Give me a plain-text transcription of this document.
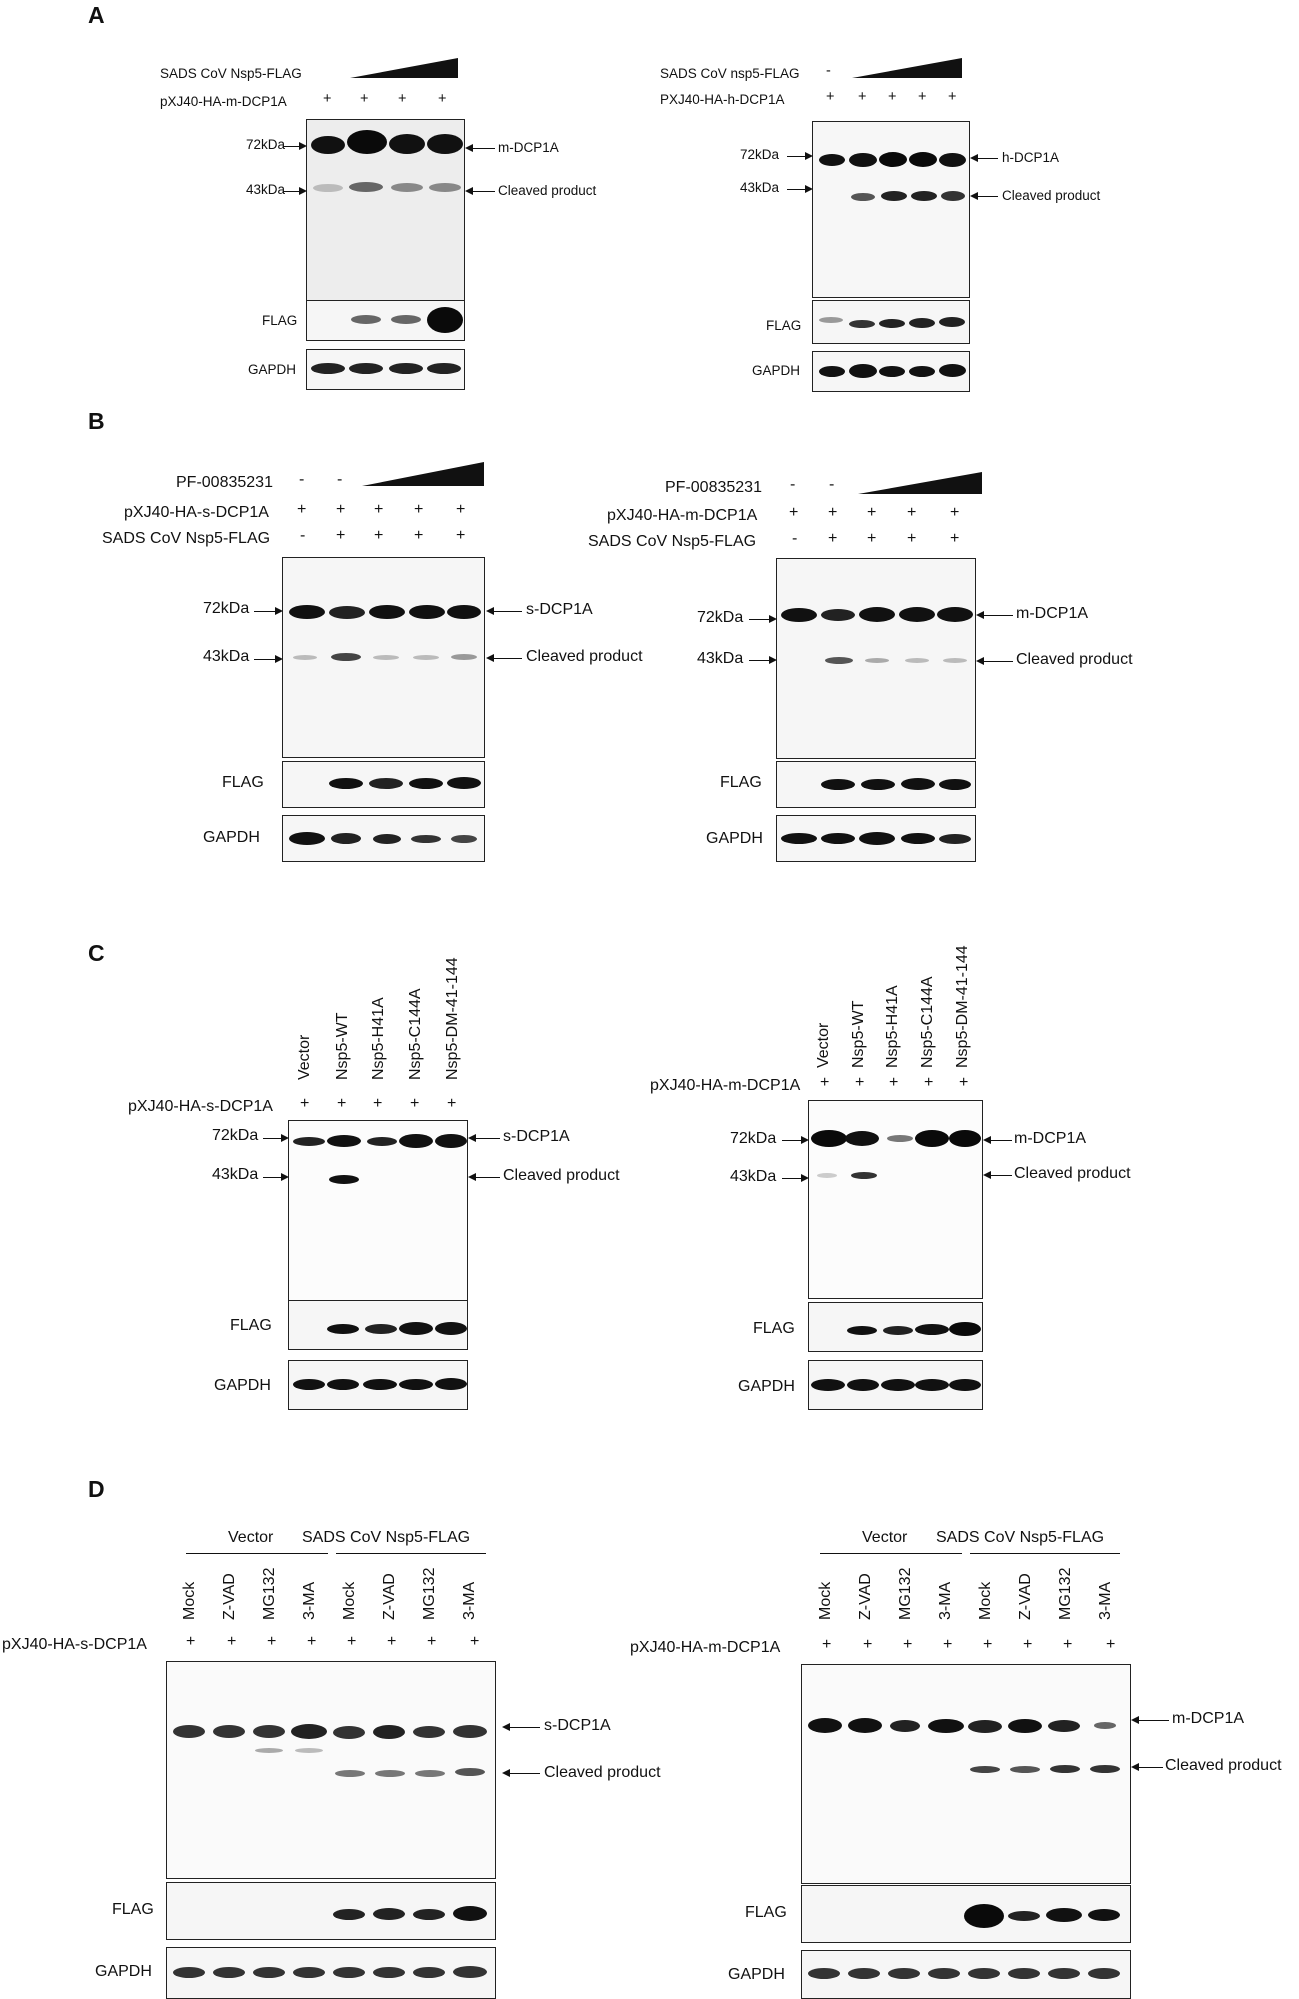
A
SADS CoV Nsp5-FLAG
pXJ40-HA-m-DCP1A + + + +
72kDa
43kDa
m-DCP1A
Cleaved product
FLAG
GAPDH
SADS CoV nsp5-FLAG -
PXJ40-HA-h-DCP1A	+ + + + +
72kDa
43kDa
h-DCP1A
Cleaved product
FLAG
GAPDH
B
PF-00835231 - -
pXJ40-HA-s-DCP1A + + + + +
SADS CoV Nsp5-FLAG - + + + +
72kDa
43kDa
s-DCP1A
Cleaved product
FLAG
GAPDH
PF-00835231 - -
pXJ40-HA-m-DCP1A + + + + +
SADS CoV Nsp5-FLAG - + + + +
72kDa
43kDa
m-DCP1A
Cleaved product
FLAG
GAPDH
C
Vector Nsp5-WT Nsp5-H41A Nsp5-C144A Nsp5-DM-41-144
pXJ40-HA-s-DCP1A + + + + +
72kDa
43kDa
s-DCP1A
Cleaved product
FLAG
GAPDH
Vector Nsp5-WT Nsp5-H41A Nsp5-C144A Nsp5-DM-41-144
pXJ40-HA-m-DCP1A + + + + +
72kDa
43kDa
m-DCP1A
Cleaved product
FLAG
GAPDH
D
Vector SADS CoV Nsp5-FLAG
Mock Z-VAD MG132 3-MA Mock Z-VAD MG132 3-MA
pXJ40-HA-s-DCP1A + + + + + + + +
s-DCP1A
Cleaved product
FLAG
GAPDH
Vector SADS CoV Nsp5-FLAG
Mock Z-VAD MG132 3-MA Mock Z-VAD MG132 3-MA
pXJ40-HA-m-DCP1A	+ + + + + + + +
m-DCP1A
Cleaved product
FLAG
GAPDH
